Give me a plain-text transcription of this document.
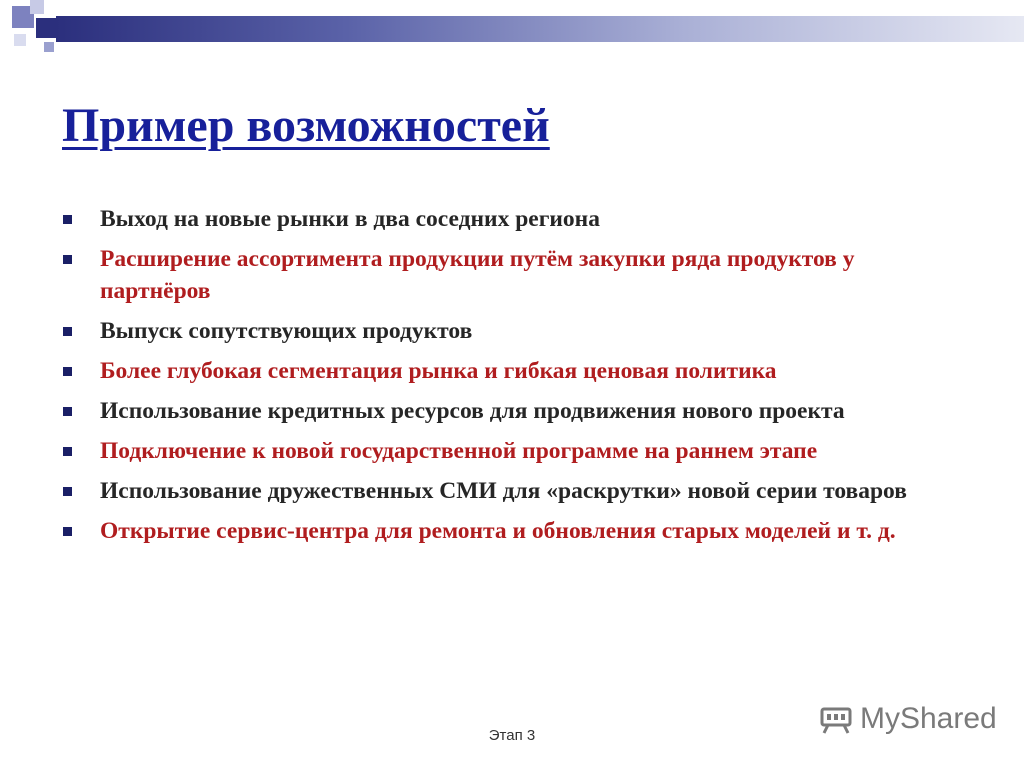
Пример возможностей
Выход на новые рынки в два соседних региона
Расширение ассортимента продукции путём закупки ряда продуктов у партнёров
Выпуск сопутствующих продуктов
Более глубокая сегментация рынка и гибкая ценовая политика
Использование кредитных ресурсов для продвижения нового проекта
Подключение к новой государственной программе на раннем этапе
Использование дружественных СМИ для «раскрутки» новой серии товаров
Открытие сервис-центра для ремонта и обновления старых моделей и т. д.
Этап 3
MyShared
